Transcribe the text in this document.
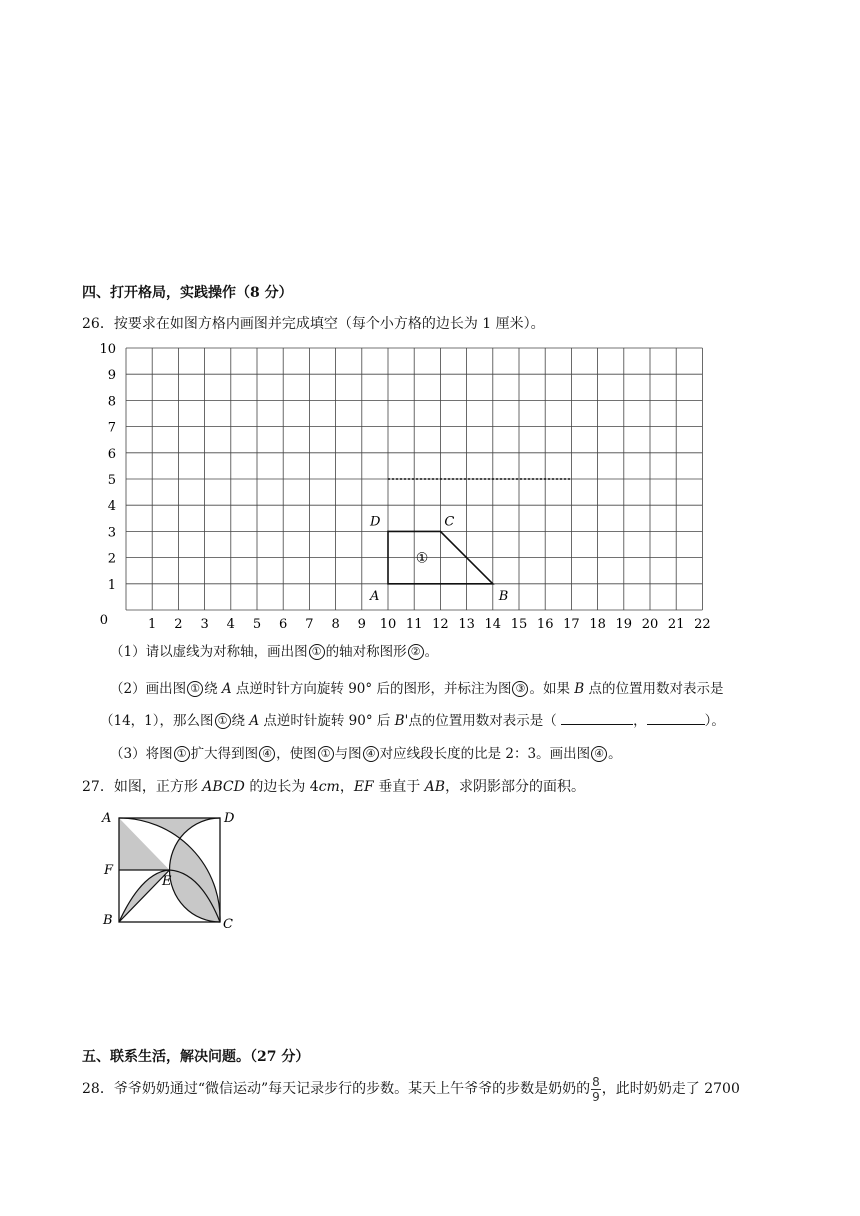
四、打开格局，实践操作（8 分）
26．按要求在如图方格内画图并完成填空（每个小方格的边长为 1 厘米）。
1 2 3 4 5 6 7 8 9 10 11 12 13 14 15 16 17 18 19 20 21 22
1
2
3
4
5
6
7
8
9
10
0
A	B
C
D
①
（1）请以虚线为对称轴，画出图 ① 的轴对称图形 ② 。
（2）画出图 ① 绕 A 点逆时针方向旋转 90° 后的图形，并标注为图 ③ 。如果 B 点的位置用数对表示是
（14，1），那么图 ① 绕 A 点逆时针旋转 90° 后 B'点的位置用数对表示是（	，	）。
（3）将图 ① 扩大得到图 ④ ，使图 ① 与图 ④ 对应线段长度的比是 2：3。画出图 ④ 。
27．如图，正方形 ABCD 的边长为 4cm，EF 垂直于 AB，求阴影部分的面积。
A	D
F
E
B	C
五、联系生活，解决问题。（27 分）
28．爷爷奶奶通过“微信运动”每天记录步行的步数。某天上午爷爷的步数是奶奶的 $\frac{8}{9}$ ，此时奶奶走了 2700
